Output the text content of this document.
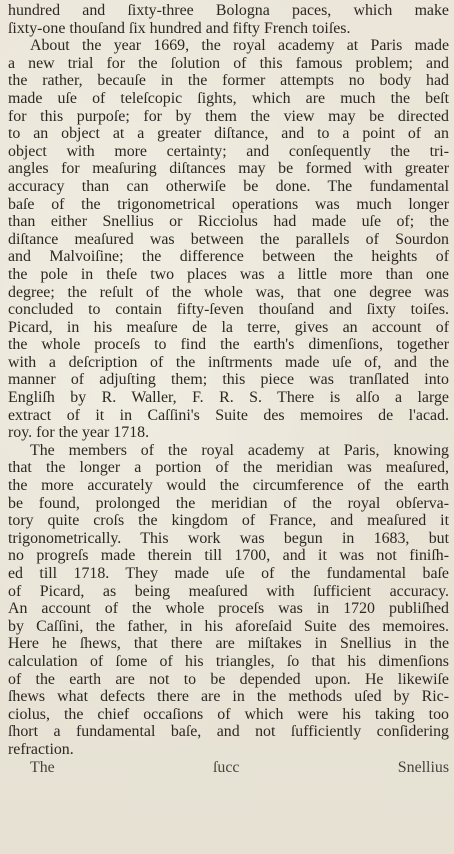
hundred and ſixty-three Bologna paces, which make
ſixty-one thouſand ſix hundred and fifty French toiſes.
About the year 1669, the royal academy at Paris made
a new trial for the ſolution of this famous problem; and
the rather, becauſe in the former attempts no body had
made uſe of teleſcopic ſights, which are much the beſt
for this purpoſe; for by them the view may be directed
to an object at a greater diſtance, and to a point of an
object with more certainty; and conſequently the tri-
angles for meaſuring diſtances may be formed with greater
accuracy than can otherwiſe be done. The fundamental
baſe of the trigonometrical operations was much longer
than either Snellius or Ricciolus had made uſe of; the
diſtance meaſured was between the parallels of Sourdon
and Malvoiſine; the difference between the heights of
the pole in theſe two places was a little more than one
degree; the reſult of the whole was, that one degree was
concluded to contain fifty-ſeven thouſand and ſixty toiſes.
Picard, in his meaſure de la terre, gives an account of
the whole proceſs to find the earth's dimenſions, together
with a deſcription of the inſtrments made uſe of, and the
manner of adjuſting them; this piece was tranſlated into
Engliſh by R. Waller, F. R. S. There is alſo a large
extract of it in Caſſini's Suite des memoires de l'acad.
roy. for the year 1718.
The members of the royal academy at Paris, knowing
that the longer a portion of the meridian was meaſured,
the more accurately would the circumference of the earth
be found, prolonged the meridian of the royal obſerva-
tory quite croſs the kingdom of France, and meaſured it
trigonometrically. This work was begun in 1683, but
no progreſs made therein till 1700, and it was not finiſh-
ed till 1718. They made uſe of the fundamental baſe
of Picard, as being meaſured with ſufficient accuracy.
An account of the whole proceſs was in 1720 publiſhed
by Caſſini, the father, in his aforeſaid Suite des memoires.
Here he ſhews, that there are miſtakes in Snellius in the
calculation of ſome of his triangles, ſo that his dimenſions
of the earth are not to be depended upon. He likewiſe
ſhews what defects there are in the methods uſed by Ric-
ciolus, the chief occaſions of which were his taking too
ſhort a fundamental baſe, and not ſufficiently conſidering
refraction.
The ſucc Snellius
